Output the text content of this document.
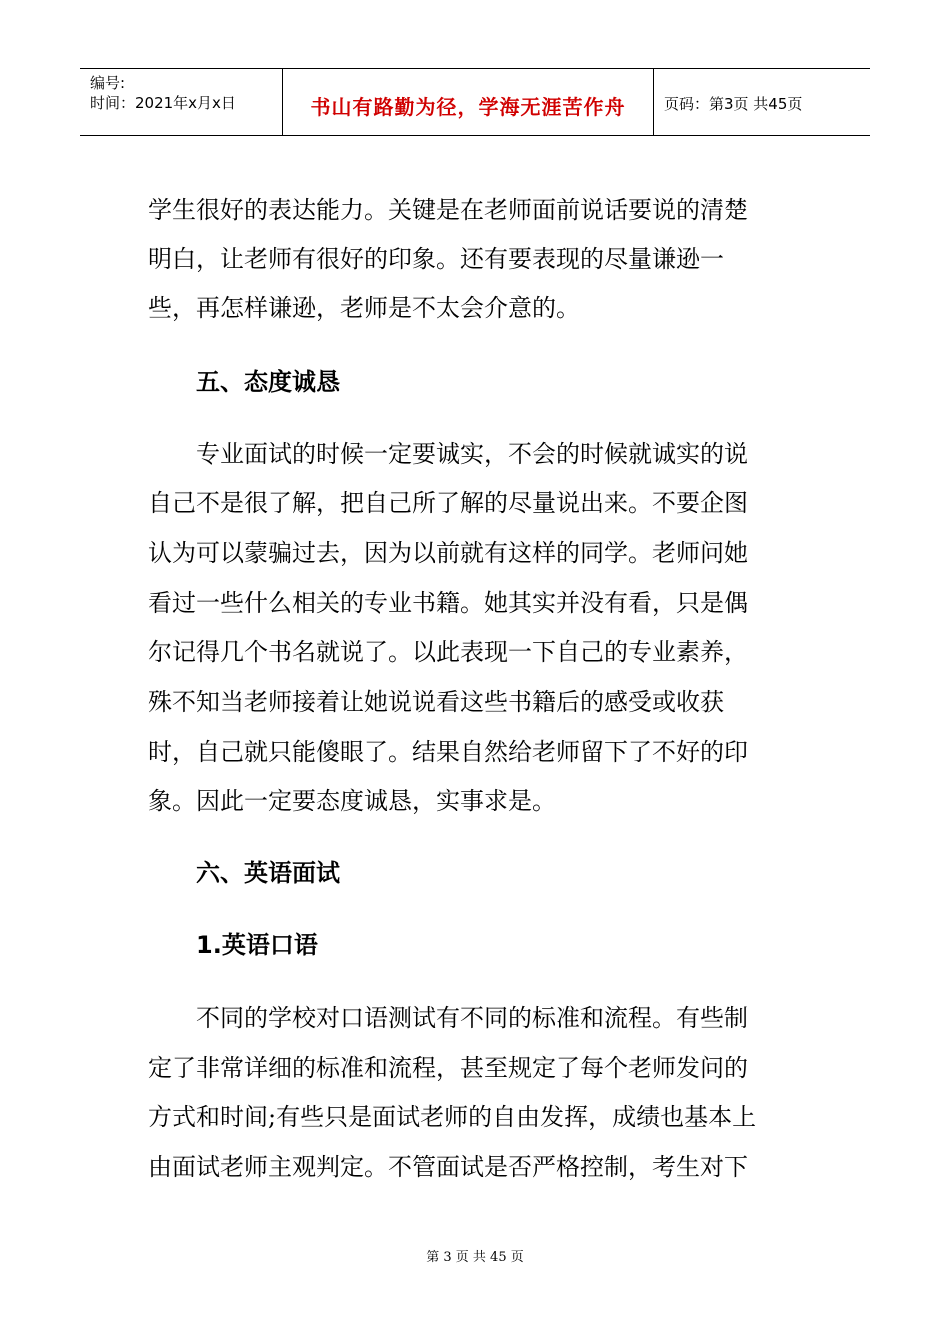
编号:
时间：2021年x月x日	书山有路勤为径，学海无涯苦作舟	页码：第3页 共45页
学生很好的表达能力。关键是在老师面前说话要说的清楚
明白，让老师有很好的印象。还有要表现的尽量谦逊一
些，再怎样谦逊，老师是不太会介意的。
五、态度诚恳
专业面试的时候一定要诚实，不会的时候就诚实的说
自己不是很了解，把自己所了解的尽量说出来。不要企图
认为可以蒙骗过去，因为以前就有这样的同学。老师问她
看过一些什么相关的专业书籍。她其实并没有看，只是偶
尔记得几个书名就说了。以此表现一下自己的专业素养，
殊不知当老师接着让她说说看这些书籍后的感受或收获
时，自己就只能傻眼了。结果自然给老师留下了不好的印
象。因此一定要态度诚恳，实事求是。
六、英语面试
1.英语口语
不同的学校对口语测试有不同的标准和流程。有些制
定了非常详细的标准和流程，甚至规定了每个老师发问的
方式和时间;有些只是面试老师的自由发挥，成绩也基本上
由面试老师主观判定。不管面试是否严格控制，考生对下
第 3 页 共 45 页
